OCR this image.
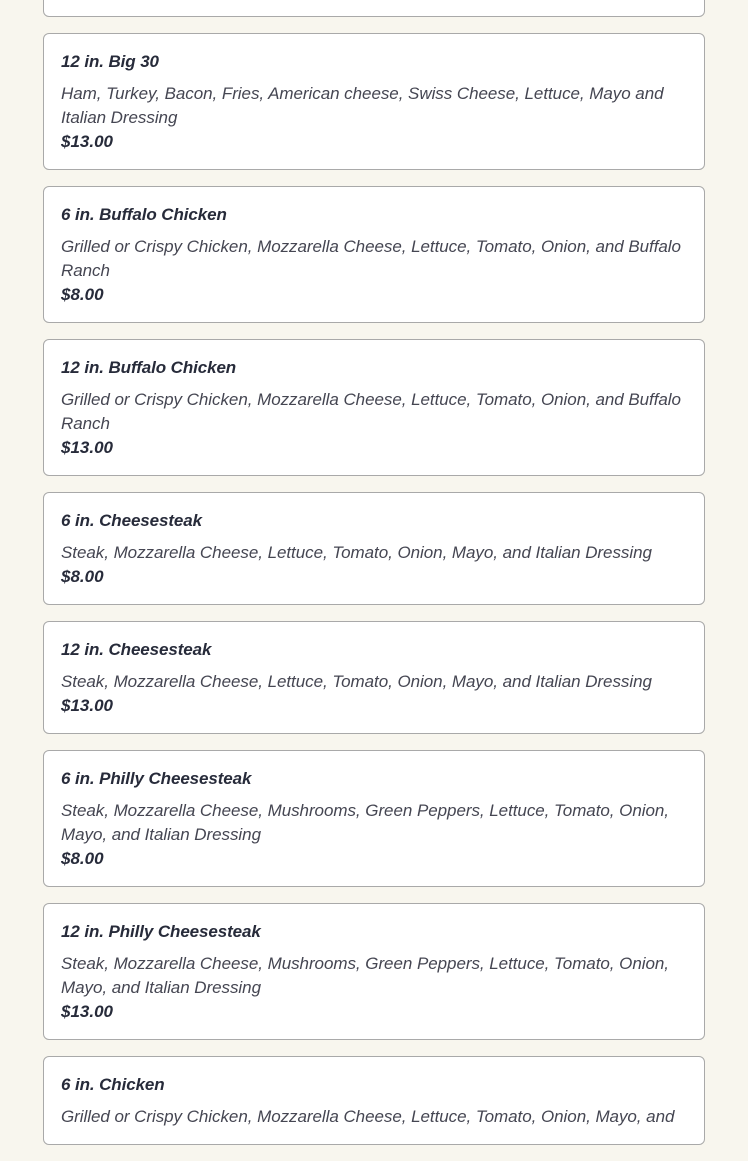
12 in. Big 30
Ham, Turkey, Bacon, Fries, American cheese, Swiss Cheese, Lettuce, Mayo and Italian Dressing
$13.00
6 in. Buffalo Chicken
Grilled or Crispy Chicken, Mozzarella Cheese, Lettuce, Tomato, Onion, and Buffalo Ranch
$8.00
12 in. Buffalo Chicken
Grilled or Crispy Chicken, Mozzarella Cheese, Lettuce, Tomato, Onion, and Buffalo Ranch
$13.00
6 in. Cheesesteak
Steak, Mozzarella Cheese, Lettuce, Tomato, Onion, Mayo, and Italian Dressing
$8.00
12 in. Cheesesteak
Steak, Mozzarella Cheese, Lettuce, Tomato, Onion, Mayo, and Italian Dressing
$13.00
6 in. Philly Cheesesteak
Steak, Mozzarella Cheese, Mushrooms, Green Peppers, Lettuce, Tomato, Onion, Mayo, and Italian Dressing
$8.00
12 in. Philly Cheesesteak
Steak, Mozzarella Cheese, Mushrooms, Green Peppers, Lettuce, Tomato, Onion, Mayo, and Italian Dressing
$13.00
6 in. Chicken
Grilled or Crispy Chicken, Mozzarella Cheese, Lettuce, Tomato, Onion, Mayo, and
